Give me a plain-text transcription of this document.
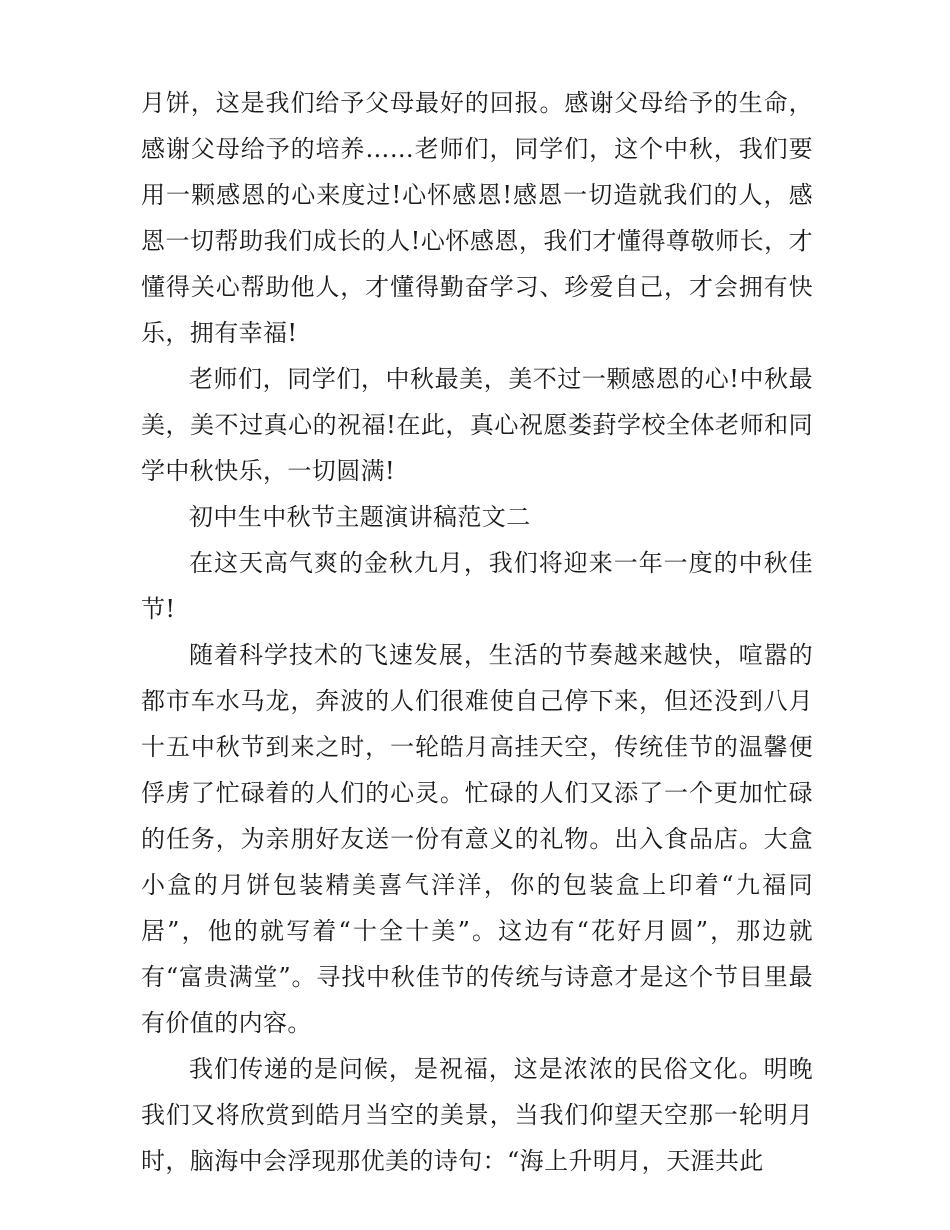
月饼，这是我们给予父母最好的回报。感谢父母给予的生命，感谢父母给予的培养……老师们，同学们，这个中秋，我们要用一颗感恩的心来度过!心怀感恩!感恩一切造就我们的人，感恩一切帮助我们成长的人!心怀感恩，我们才懂得尊敬师长，才懂得关心帮助他人，才懂得勤奋学习、珍爱自己，才会拥有快乐，拥有幸福!

老师们，同学们，中秋最美，美不过一颗感恩的心!中秋最美，美不过真心的祝福!在此，真心祝愿娄葑学校全体老师和同学中秋快乐，一切圆满!

初中生中秋节主题演讲稿范文二

在这天高气爽的金秋九月，我们将迎来一年一度的中秋佳节!

随着科学技术的飞速发展，生活的节奏越来越快，喧嚣的都市车水马龙，奔波的人们很难使自己停下来，但还没到八月十五中秋节到来之时，一轮皓月高挂天空，传统佳节的温馨便俘虏了忙碌着的人们的心灵。忙碌的人们又添了一个更加忙碌的任务，为亲朋好友送一份有意义的礼物。出入食品店。大盒小盒的月饼包装精美喜气洋洋，你的包装盒上印着“九福同居”，他的就写着“十全十美”。这边有“花好月圆”，那边就有“富贵满堂”。寻找中秋佳节的传统与诗意才是这个节目里最有价值的内容。

我们传递的是问候，是祝福，这是浓浓的民俗文化。明晚我们又将欣赏到皓月当空的美景，当我们仰望天空那一轮明月时，脑海中会浮现那优美的诗句：“海上升明月，天涯共此
